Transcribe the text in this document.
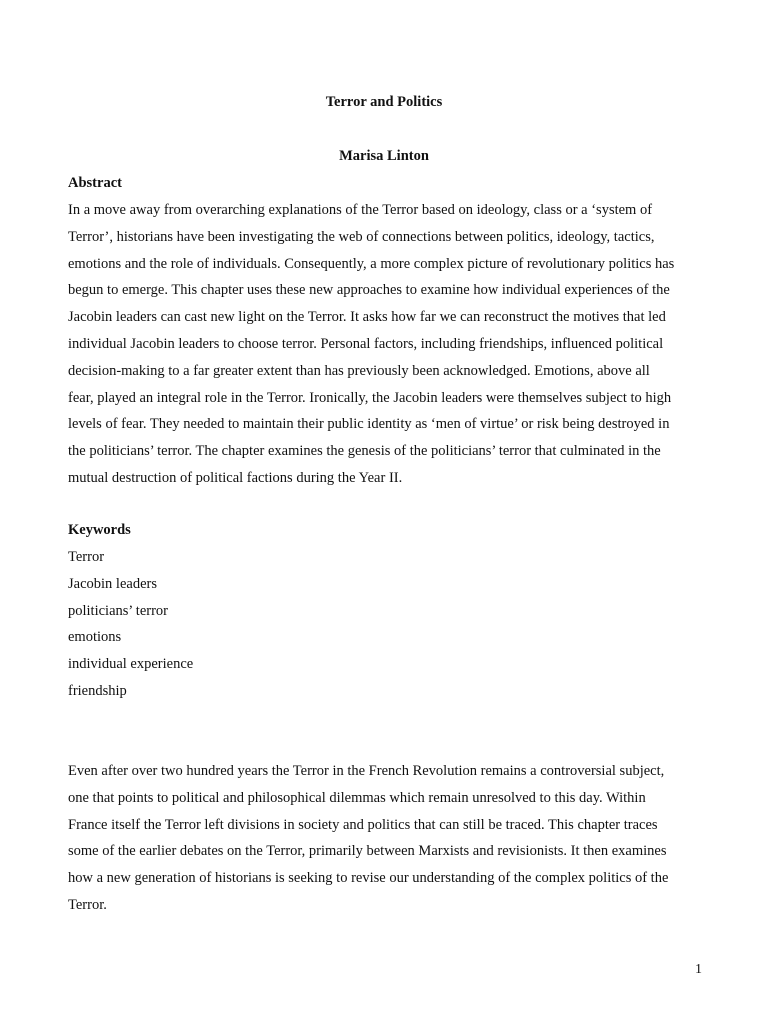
Terror and Politics
Marisa Linton
Abstract
In a move away from overarching explanations of the Terror based on ideology, class or a ‘system of
Terror’, historians have been investigating the web of connections between politics, ideology, tactics,
emotions and the role of individuals. Consequently, a more complex picture of revolutionary politics has
begun to emerge. This chapter uses these new approaches to examine how individual experiences of the
Jacobin leaders can cast new light on the Terror. It asks how far we can reconstruct the motives that led
individual Jacobin leaders to choose terror. Personal factors, including friendships, influenced political
decision-making to a far greater extent than has previously been acknowledged. Emotions, above all
fear, played an integral role in the Terror. Ironically, the Jacobin leaders were themselves subject to high
levels of fear. They needed to maintain their public identity as ‘men of virtue’ or risk being destroyed in
the politicians’ terror. The chapter examines the genesis of the politicians’ terror that culminated in the
mutual destruction of political factions during the Year II.
Keywords
Terror
Jacobin leaders
politicians’ terror
emotions
individual experience
friendship
Even after over two hundred years the Terror in the French Revolution remains a controversial subject,
one that points to political and philosophical dilemmas which remain unresolved to this day. Within
France itself the Terror left divisions in society and politics that can still be traced. This chapter traces
some of the earlier debates on the Terror, primarily between Marxists and revisionists. It then examines
how a new generation of historians is seeking to revise our understanding of the complex politics of the
Terror.
1
